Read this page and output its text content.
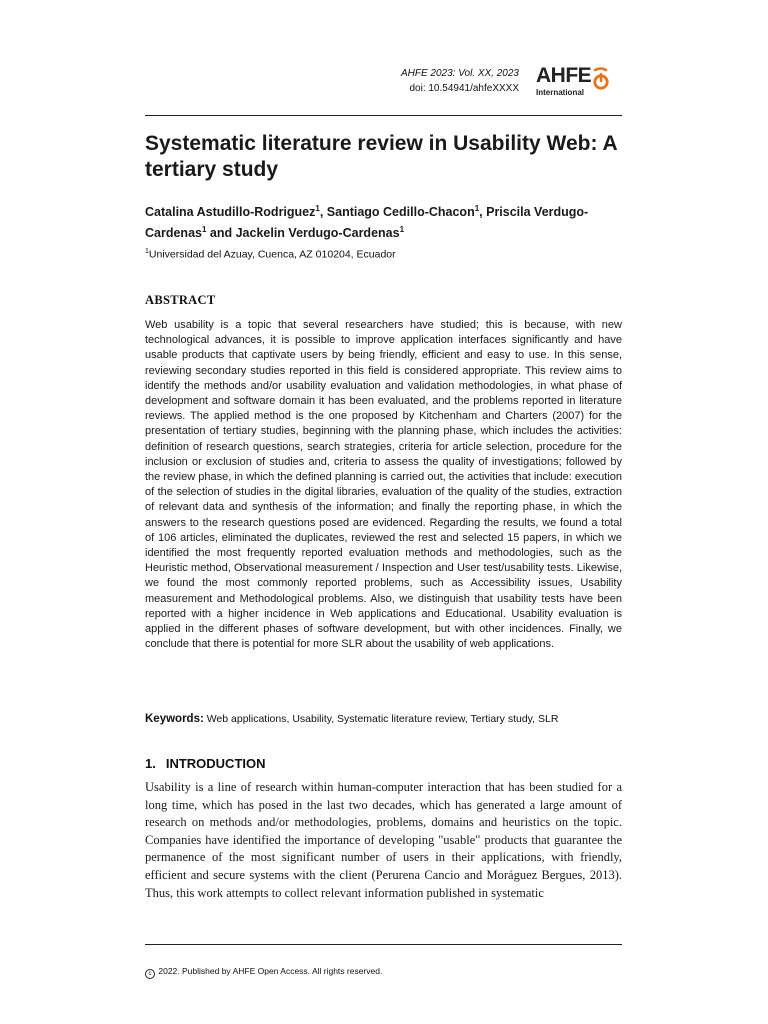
AHFE 2023: Vol. XX, 2023
doi: 10.54941/ahfeXXXX
AHFE
International
Systematic literature review in Usability Web: A tertiary study

Catalina Astudillo-Rodriguez$^1$, Santiago Cedillo-Chacon$^1$, Priscila Verdugo-Cardenas$^1$ and Jackelin Verdugo-Cardenas$^1$

$^1$Universidad del Azuay, Cuenca, AZ 010204, Ecuador
ABSTRACT

Web usability is a topic that several researchers have studied; this is because, with new technological advances, it is possible to improve application interfaces significantly and have usable products that captivate users by being friendly, efficient and easy to use. In this sense, reviewing secondary studies reported in this field is considered appropriate. This review aims to identify the methods and/or usability evaluation and validation methodologies, in what phase of development and software domain it has been evaluated, and the problems reported in literature reviews. The applied method is the one proposed by Kitchenham and Charters (2007) for the presentation of tertiary studies, beginning with the planning phase, which includes the activities: definition of research questions, search strategies, criteria for article selection, procedure for the inclusion or exclusion of studies and, criteria to assess the quality of investigations; followed by the review phase, in which the defined planning is carried out, the activities that include: execution of the selection of studies in the digital libraries, evaluation of the quality of the studies, extraction of relevant data and synthesis of the information; and finally the reporting phase, in which the answers to the research questions posed are evidenced. Regarding the results, we found a total of 106 articles, eliminated the duplicates, reviewed the rest and selected 15 papers, in which we identified the most frequently reported evaluation methods and methodologies, such as the Heuristic method, Observational measurement / Inspection and User test/usability tests. Likewise, we found the most commonly reported problems, such as Accessibility issues, Usability measurement and Methodological problems. Also, we distinguish that usability tests have been reported with a higher incidence in Web applications and Educational. Usability evaluation is applied in the different phases of software development, but with other incidences. Finally, we conclude that there is potential for more SLR about the usability of web applications.

Keywords: Web applications, Usability, Systematic literature review, Tertiary study, SLR
1. INTRODUCTION

Usability is a line of research within human-computer interaction that has been studied for a long time, which has posed in the last two decades, which has generated a large amount of research on methods and/or methodologies, problems, domains and heuristics on the topic. Companies have identified the importance of developing "usable" products that guarantee the permanence of the most significant number of users in their applications, with friendly, efficient and secure systems with the client (Perurena Cancio and Moráguez Bergues, 2013). Thus, this work attempts to collect relevant information published in systematic

c 2022. Published by AHFE Open Access. All rights reserved.
